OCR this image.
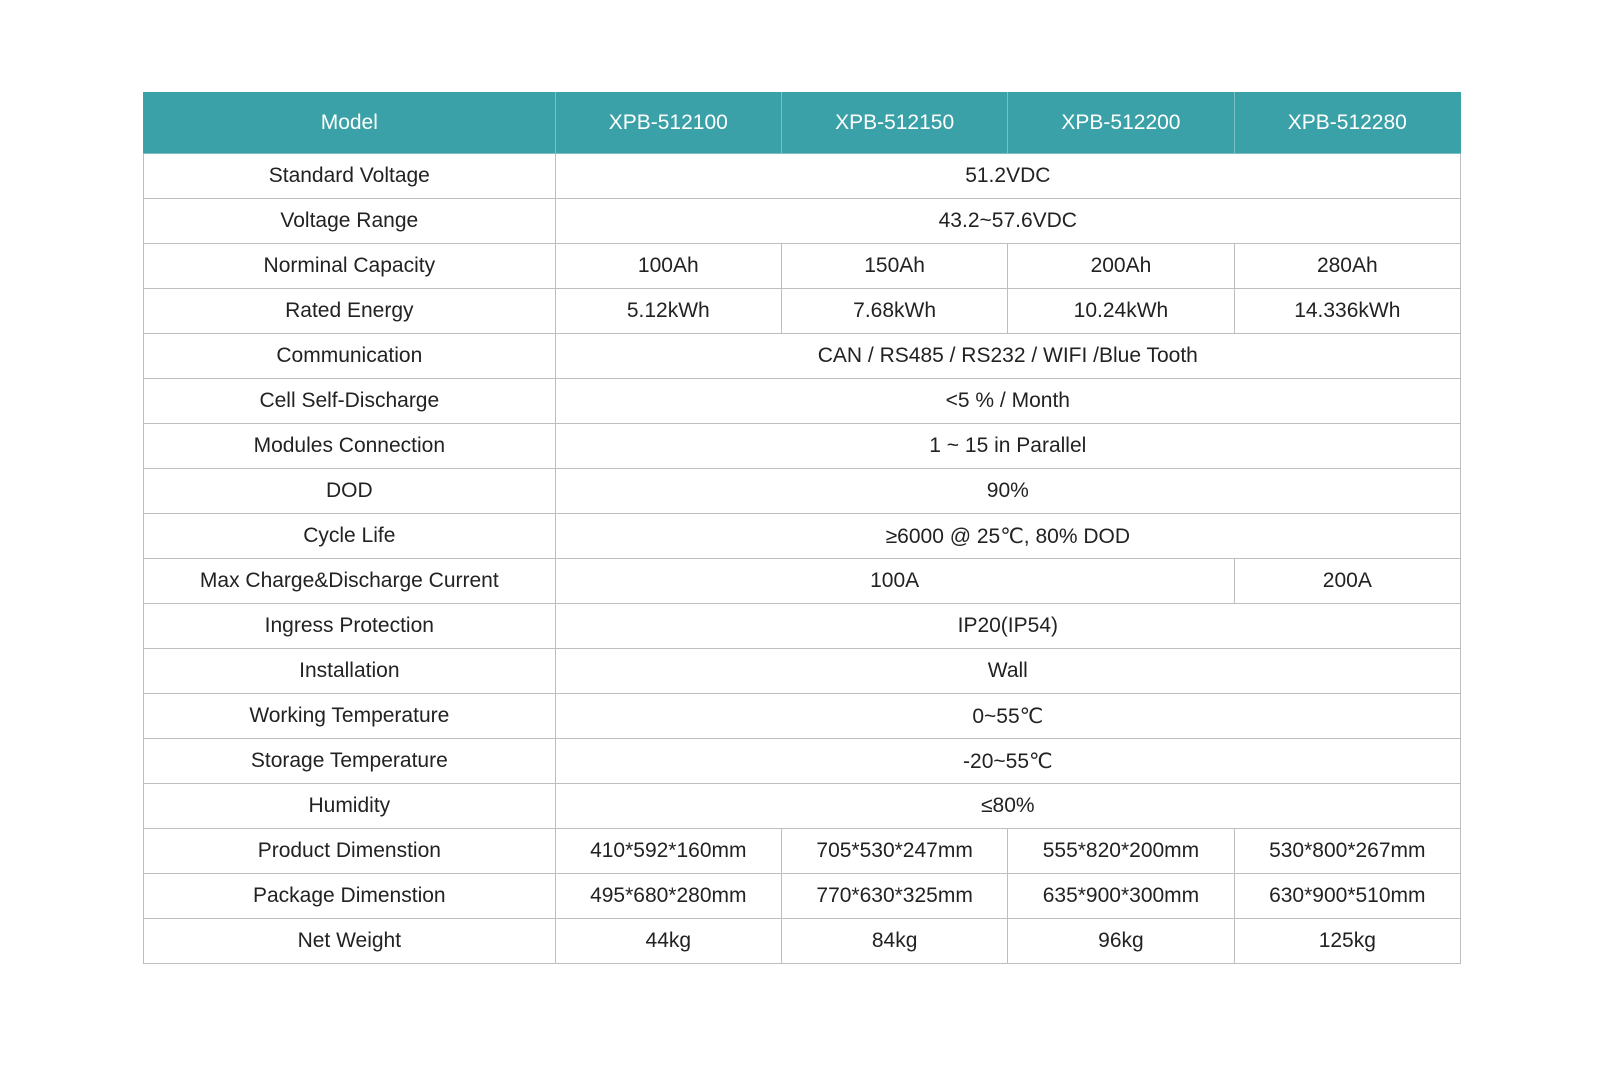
Model	XPB-512100	XPB-512150	XPB-512200	XPB-512280
Standard Voltage	51.2VDC			
Voltage Range	43.2~57.6VDC			
Norminal Capacity	100Ah	150Ah	200Ah	280Ah
Rated Energy	5.12kWh	7.68kWh	10.24kWh	14.336kWh
Communication	CAN / RS485 / RS232 / WIFI /Blue Tooth			
Cell Self-Discharge	<5 % / Month			
Modules Connection	1 ~ 15 in Parallel			
DOD	90%			
Cycle Life	≥6000 @ 25℃, 80% DOD			
Max Charge&Discharge Current	100A			200A
Ingress Protection	IP20(IP54)			
Installation	Wall			
Working Temperature	0~55℃			
Storage Temperature	-20~55℃			
Humidity	≤80%			
Product Dimenstion	410*592*160mm	705*530*247mm	555*820*200mm	530*800*267mm
Package Dimenstion	495*680*280mm	770*630*325mm	635*900*300mm	630*900*510mm
Net Weight	44kg	84kg	96kg	125kg
